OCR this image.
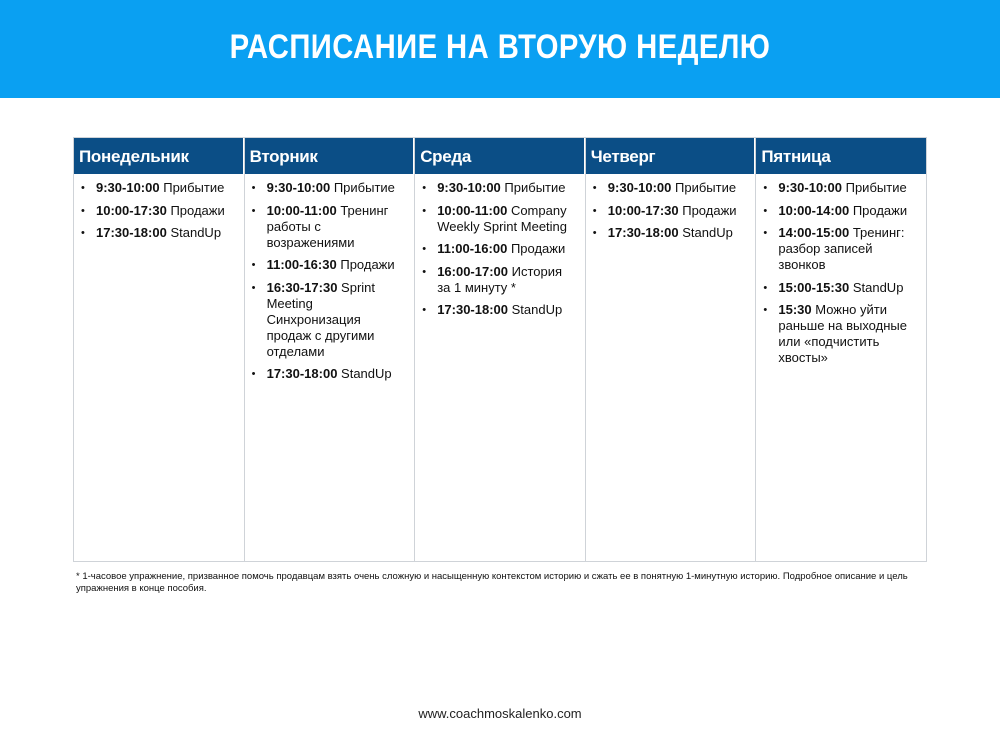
РАСПИСАНИЕ НА ВТОРУЮ НЕДЕЛЮ
Понедельник
• 9:30-10:00 Прибытие
• 10:00-17:30 Продажи
• 17:30-18:00 StandUp
Вторник
• 9:30-10:00 Прибытие
• 10:00-11:00 Тренинг работы с возражениями
• 11:00-16:30 Продажи
• 16:30-17:30 Sprint Meeting Синхронизация продаж с другими отделами
• 17:30-18:00 StandUp
Среда
• 9:30-10:00 Прибытие
• 10:00-11:00 Company Weekly Sprint Meeting
• 11:00-16:00 Продажи
• 16:00-17:00 История за 1 минуту *
• 17:30-18:00 StandUp
Четверг
• 9:30-10:00 Прибытие
• 10:00-17:30 Продажи
• 17:30-18:00 StandUp
Пятница
• 9:30-10:00 Прибытие
• 10:00-14:00 Продажи
• 14:00-15:00 Тренинг: разбор записей звонков
• 15:00-15:30 StandUp
• 15:30 Можно уйти раньше на выходные или «подчистить хвосты»
* 1-часовое упражнение, призванное помочь продавцам взять очень сложную и насыщенную контекстом историю и сжать ее в понятную 1-минутную историю. Подробное описание и цель упражнения в конце пособия.
www.coachmoskalenko.com
